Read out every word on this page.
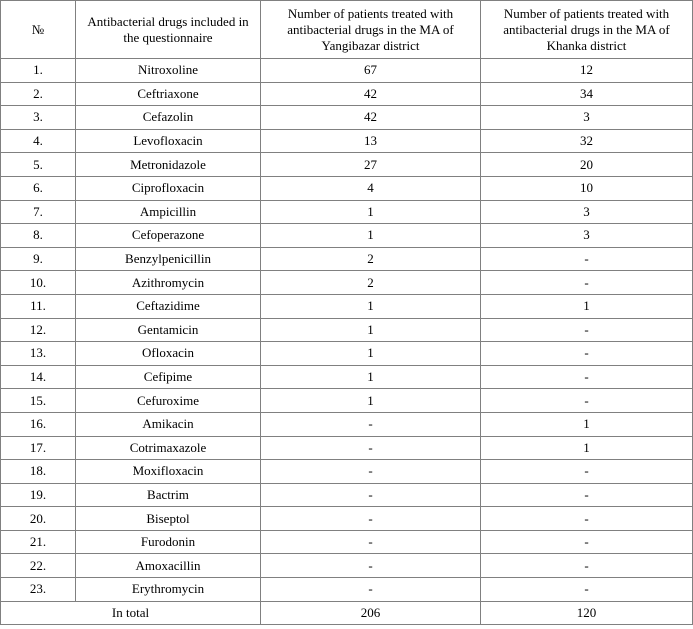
№	Antibacterial drugs included in the questionnaire	Number of patients treated with antibacterial drugs in the MA of Yangibazar district	Number of patients treated with antibacterial drugs in the MA of Khanka district
1.	Nitroxoline	67	12
2.	Ceftriaxone	42	34
3.	Cefazolin	42	3
4.	Levofloxacin	13	32
5.	Metronidazole	27	20
6.	Ciprofloxacin	4	10
7.	Ampicillin	1	3
8.	Cefoperazone	1	3
9.	Benzylpenicillin	2	-
10.	Azithromycin	2	-
11.	Ceftazidime	1	1
12.	Gentamicin	1	-
13.	Ofloxacin	1	-
14.	Cefipime	1	-
15.	Cefuroxime	1	-
16.	Amikacin	-	1
17.	Cotrimaxazole	-	1
18.	Moxifloxacin	-	-
19.	Bactrim	-	-
20.	Biseptol	-	-
21.	Furodonin	-	-
22.	Amoxacillin	-	-
23.	Erythromycin	-	-
In total		206	120
